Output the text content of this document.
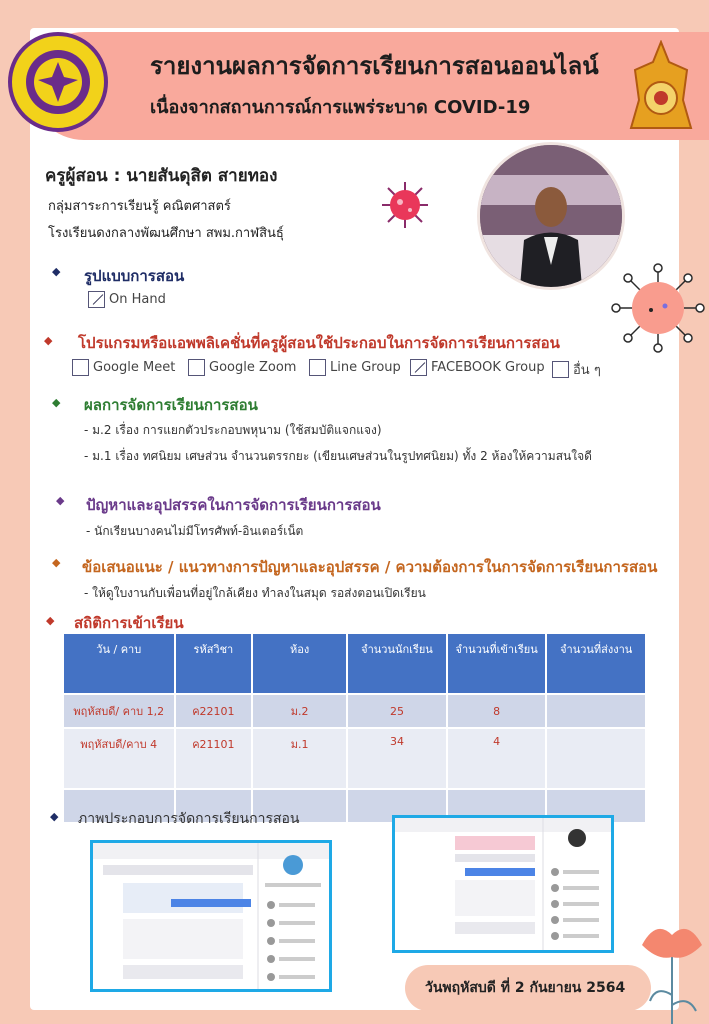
รายงานผลการจัดการเรียนการสอนออนไลน์
เนื่องจากสถานการณ์การแพร่ระบาด COVID-19
ครูผู้สอน : นายสันดุสิต สายทอง
กลุ่มสาระการเรียนรู้ คณิตศาสตร์
โรงเรียนดงกลางพัฒนศึกษา สพม.กาฬสินธุ์
◆ รูปแบบการสอน
On Hand
◆ โปรแกรมหรือแอพพลิเคชั่นที่ครูผู้สอนใช้ประกอบในการจัดการเรียนการสอน
Google Meet	Google Zoom	Line Group FACEBOOK Group อื่น ๆ
◆ ผลการจัดการเรียนการสอน
- ม.2 เรื่อง การแยกตัวประกอบพหุนาม (ใช้สมบัติแจกแจง)
- ม.1 เรื่อง ทศนิยม เศษส่วน จำนวนตรรกยะ (เขียนเศษส่วนในรูปทศนิยม) ทั้ง 2 ห้องให้ความสนใจดี
◆ ปัญหาและอุปสรรคในการจัดการเรียนการสอน
- นักเรียนบางคนไม่มีโทรศัพท์-อินเตอร์เน็ต
◆ ข้อเสนอแนะ / แนวทางการปัญหาและอุปสรรค / ความต้องการในการจัดการเรียนการสอน
- ให้ดูใบงานกับเพื่อนที่อยู่ใกล้เคียง ทำลงในสมุด รอส่งตอนเปิดเรียน
◆ สถิติการเข้าเรียน
วัน / คาบ	รหัสวิชา	ห้อง	จำนวนนักเรียน	จำนวนที่เข้าเรียน	จำนวนที่ส่งงาน
พฤหัสบดี/ คาบ 1,2	ค22101	ม.2	25	8	
พฤหัสบดี/คาบ 4	ค21101	ม.1	34	4	

◆ ภาพประกอบการจัดการเรียนการสอน
วันพฤหัสบดี ที่ 2 กันยายน 2564
